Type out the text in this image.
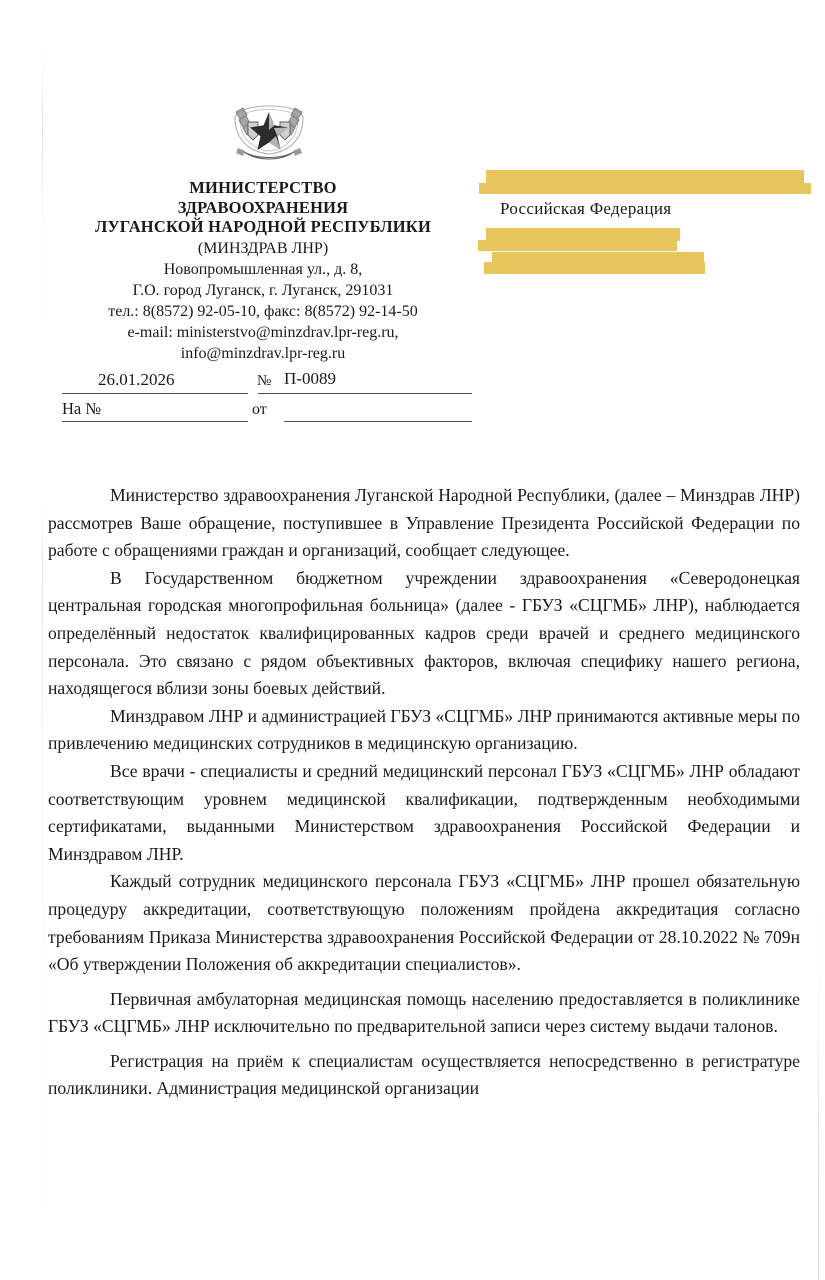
МИНИСТЕРСТВО
ЗДРАВООХРАНЕНИЯ
ЛУГАНСКОЙ НАРОДНОЙ РЕСПУБЛИКИ
(МИНЗДРАВ ЛНР)
Новопромышленная ул., д. 8,
Г.О. город Луганск, г. Луганск, 291031
тел.: 8(8572) 92-05-10, факс: 8(8572) 92-14-50
e-mail: ministerstvo@minzdrav.lpr-reg.ru,
info@minzdrav.lpr-reg.ru
26.01.2026	№ П-0089
На №	от
Российская Федерация

Министерство здравоохранения Луганской Народной Республики, (далее – Минздрав ЛНР) рассмотрев Ваше обращение, поступившее в Управление Президента Российской Федерации по работе с обращениями граждан и организаций, сообщает следующее.

В Государственном бюджетном учреждении здравоохранения «Северодонецкая центральная городская многопрофильная больница» (далее - ГБУЗ «СЦГМБ» ЛНР), наблюдается определённый недостаток квалифицированных кадров среди врачей и среднего медицинского персонала. Это связано с рядом объективных факторов, включая специфику нашего региона, находящегося вблизи зоны боевых действий.

Минздравом ЛНР и администрацией ГБУЗ «СЦГМБ» ЛНР принимаются активные меры по привлечению медицинских сотрудников в медицинскую организацию.

Все врачи - специалисты и средний медицинский персонал ГБУЗ «СЦГМБ» ЛНР обладают соответствующим уровнем медицинской квалификации, подтвержденным необходимыми сертификатами, выданными Министерством здравоохранения Российской Федерации и Минздравом ЛНР.

Каждый сотрудник медицинского персонала ГБУЗ «СЦГМБ» ЛНР прошел обязательную процедуру аккредитации, соответствующую положениям пройдена аккредитация согласно требованиям Приказа Министерства здравоохранения Российской Федерации от 28.10.2022 № 709н «Об утверждении Положения об аккредитации специалистов».

Первичная амбулаторная медицинская помощь населению предоставляется в поликлинике ГБУЗ «СЦГМБ» ЛНР исключительно по предварительной записи через систему выдачи талонов.

Регистрация на приём к специалистам осуществляется непосредственно в регистратуре поликлиники. Администрация медицинской организации
